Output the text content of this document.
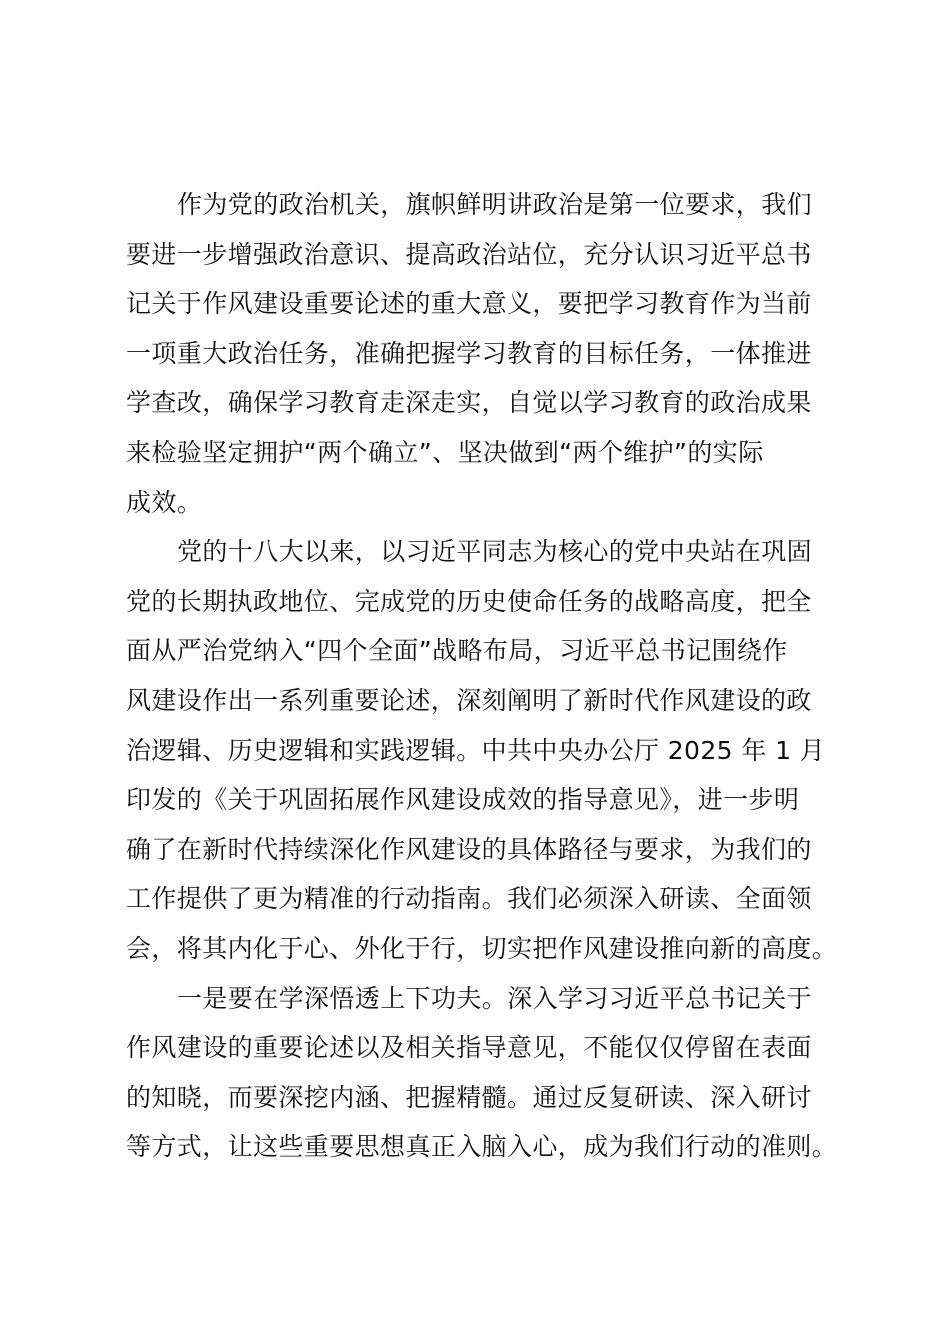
作为党的政治机关，旗帜鲜明讲政治是第一位要求，我们
要进一步增强政治意识、提高政治站位，充分认识习近平总书
记关于作风建设重要论述的重大意义，要把学习教育作为当前
一项重大政治任务，准确把握学习教育的目标任务，一体推进
学查改，确保学习教育走深走实，自觉以学习教育的政治成果
来检验坚定拥护“两个确立”、坚决做到“两个维护”的实际
成效。
党的十八大以来，以习近平同志为核心的党中央站在巩固
党的长期执政地位、完成党的历史使命任务的战略高度，把全
面从严治党纳入“四个全面”战略布局，习近平总书记围绕作
风建设作出一系列重要论述，深刻阐明了新时代作风建设的政
治逻辑、历史逻辑和实践逻辑。中共中央办公厅 2025 年 1 月
印发的《关于巩固拓展作风建设成效的指导意见》，进一步明
确了在新时代持续深化作风建设的具体路径与要求，为我们的
工作提供了更为精准的行动指南。我们必须深入研读、全面领
会，将其内化于心、外化于行，切实把作风建设推向新的高度。
一是要在学深悟透上下功夫。深入学习习近平总书记关于
作风建设的重要论述以及相关指导意见，不能仅仅停留在表面
的知晓，而要深挖内涵、把握精髓。通过反复研读、深入研讨
等方式，让这些重要思想真正入脑入心，成为我们行动的准则。
